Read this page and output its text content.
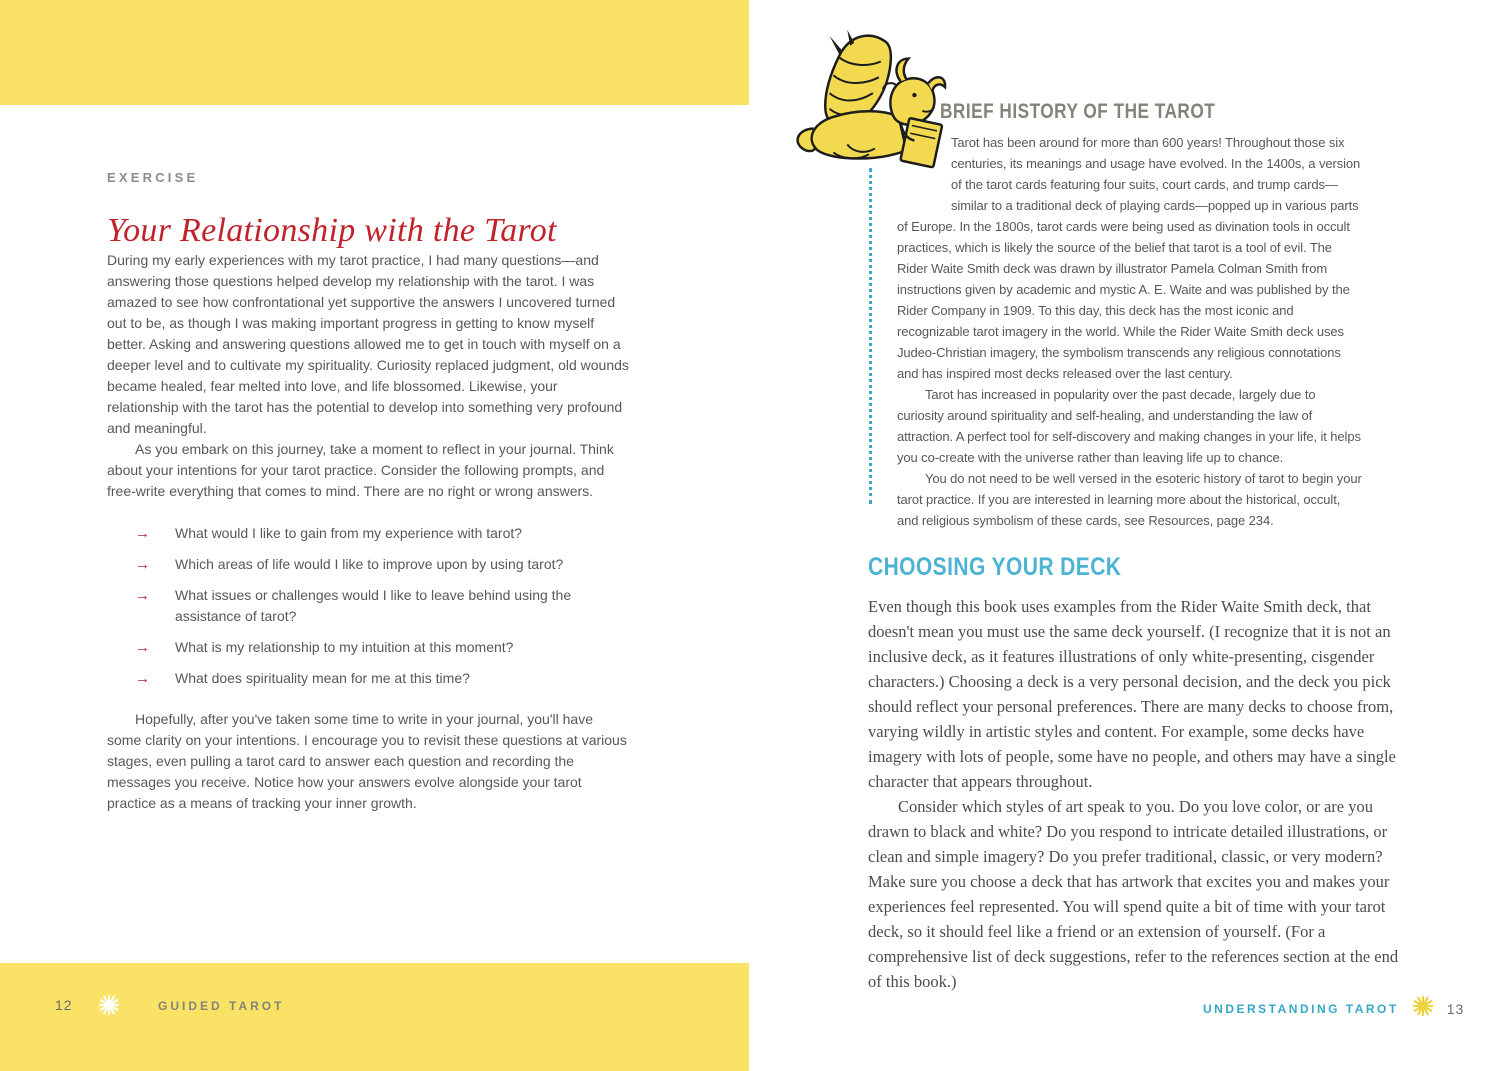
EXERCISE
Your Relationship with the Tarot

During my early experiences with my tarot practice, I had many questions—and answering those questions helped develop my relationship with the tarot. I was amazed to see how confrontational yet supportive the answers I uncovered turned out to be, as though I was making important progress in getting to know myself better. Asking and answering questions allowed me to get in touch with myself on a deeper level and to cultivate my spirituality. Curiosity replaced judgment, old wounds became healed, fear melted into love, and life blossomed. Likewise, your relationship with the tarot has the potential to develop into something very profound and meaningful.

As you embark on this journey, take a moment to reflect in your journal. Think about your intentions for your tarot practice. Consider the following prompts, and free-write everything that comes to mind. There are no right or wrong answers.

→ What would I like to gain from my experience with tarot?
→ Which areas of life would I like to improve upon by using tarot?
→ What issues or challenges would I like to leave behind using the assistance of tarot?
→ What is my relationship to my intuition at this moment?
→ What does spirituality mean for me at this time?

Hopefully, after you've taken some time to write in your journal, you'll have some clarity on your intentions. I encourage you to revisit these questions at various stages, even pulling a tarot card to answer each question and recording the messages you receive. Notice how your answers evolve alongside your tarot practice as a means of tracking your inner growth.

12	GUIDED TAROT
BRIEF HISTORY OF THE TAROT

Tarot has been around for more than 600 years! Throughout those six centuries, its meanings and usage have evolved. In the 1400s, a version of the tarot cards featuring four suits, court cards, and trump cards—similar to a traditional deck of playing cards—popped up in various parts of Europe. In the 1800s, tarot cards were being used as divination tools in occult practices, which is likely the source of the belief that tarot is a tool of evil. The Rider Waite Smith deck was drawn by illustrator Pamela Colman Smith from instructions given by academic and mystic A. E. Waite and was published by the Rider Company in 1909. To this day, this deck has the most iconic and recognizable tarot imagery in the world. While the Rider Waite Smith deck uses Judeo-Christian imagery, the symbolism transcends any religious connotations and has inspired most decks released over the last century.

Tarot has increased in popularity over the past decade, largely due to curiosity around spirituality and self-healing, and understanding the law of attraction. A perfect tool for self-discovery and making changes in your life, it helps you co-create with the universe rather than leaving life up to chance.

You do not need to be well versed in the esoteric history of tarot to begin your tarot practice. If you are interested in learning more about the historical, occult, and religious symbolism of these cards, see Resources, page 234.

CHOOSING YOUR DECK

Even though this book uses examples from the Rider Waite Smith deck, that doesn't mean you must use the same deck yourself. (I recognize that it is not an inclusive deck, as it features illustrations of only white-presenting, cisgender characters.) Choosing a deck is a very personal decision, and the deck you pick should reflect your personal preferences. There are many decks to choose from, varying wildly in artistic styles and content. For example, some decks have imagery with lots of people, some have no people, and others may have a single character that appears throughout.

Consider which styles of art speak to you. Do you love color, or are you drawn to black and white? Do you respond to intricate detailed illustrations, or clean and simple imagery? Do you prefer traditional, classic, or very modern? Make sure you choose a deck that has artwork that excites you and makes your experiences feel represented. You will spend quite a bit of time with your tarot deck, so it should feel like a friend or an extension of yourself. (For a comprehensive list of deck suggestions, refer to the references section at the end of this book.)

UNDERSTANDING TAROT	13
